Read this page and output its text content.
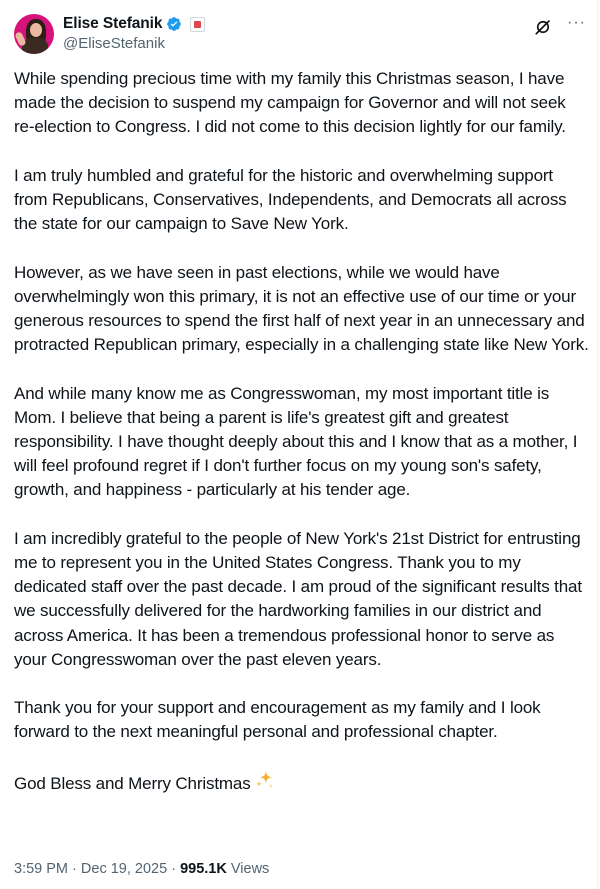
Elise Stefanik
@EliseStefanik
···

While spending precious time with my family this Christmas season, I have made the decision to suspend my campaign for Governor and will not seek re-election to Congress. I did not come to this decision lightly for our family.

I am truly humbled and grateful for the historic and overwhelming support from Republicans, Conservatives, Independents, and Democrats all across the state for our campaign to Save New York.

However, as we have seen in past elections, while we would have overwhelmingly won this primary, it is not an effective use of our time or your generous resources to spend the first half of next year in an unnecessary and protracted Republican primary, especially in a challenging state like New York.

And while many know me as Congresswoman, my most important title is Mom. I believe that being a parent is life's greatest gift and greatest responsibility. I have thought deeply about this and I know that as a mother, I will feel profound regret if I don't further focus on my young son's safety, growth, and happiness - particularly at his tender age.

I am incredibly grateful to the people of New York's 21st District for entrusting me to represent you in the United States Congress. Thank you to my dedicated staff over the past decade. I am proud of the significant results that we successfully delivered for the hardworking families in our district and across America. It has been a tremendous professional honor to serve as your Congresswoman over the past eleven years.

Thank you for your support and encouragement as my family and I look forward to the next meaningful personal and professional chapter.

God Bless and Merry Christmas

3:59 PM · Dec 19, 2025 · 995.1K Views
